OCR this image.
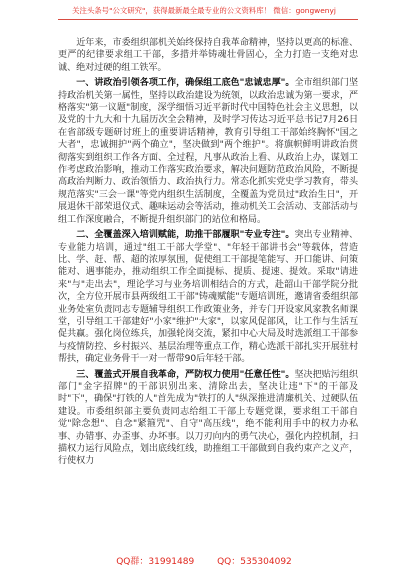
关注头条号"公文研究"，获得最新最全最专业的公文资料库！ 微信：gongwenyj

近年来，市委组织部机关始终保持自我革命精神，坚持以更高的标准、更严的纪律要求组工干部，多措并举铸魂壮骨固心，全力打造一支绝对忠诚、绝对过硬的组工铁军。

一、讲政治引领各项工作，确保组工底色"忠诚忠厚"。全市组织部门坚持政治机关第一属性，坚持以政治建设为统领，以政治忠诚为第一要求，严格落实"第一议题"制度，深学细悟习近平新时代中国特色社会主义思想，以及党的十九大和十九届历次全会精神，及时学习传达习近平总书记7月26日在省部级专题研讨班上的重要讲话精神，教育引导组工干部始终胸怀"国之大者"，忠诚拥护"两个确立"，坚决做到"两个维护"。将旗帜鲜明讲政治贯彻落实到组织工作各方面、全过程，凡事从政治上看、从政治上办，谋划工作考虑政治影响，推动工作落实政治要求，解决问题防范政治风险，不断提高政治判断力、政治领悟力、政治执行力。常态化抓实党史学习教育，带头规范落实"三会一课"等党内组织生活制度，全覆盖为党员过"政治生日"，开展退休干部荣退仪式、趣味运动会等活动，推动机关工会活动、支部活动与组工作深度融合，不断提升组织部门的站位和格局。

二、全覆盖深入培训赋能，助推干部履职"专业专注"。突出专业精神、专业能力培训，通过"组工干部大学堂"、"年轻干部讲书会"等载体，营造比、学、赶、帮、超的浓厚氛围，促使组工干部提笔能写、开口能讲、问策能对、遇事能办，推动组织工作全面提标、提质、提速、提效。采取"请进来"与"走出去"，理论学习与业务培训相结合的方式，赴韶山干部学院分批次，全方位开展市县两级组工干部"铸魂赋能"专题培训班，邀请省委组织部业务处室负责同志专题辅导组织工作政策业务，并专门开设家风家教名师课堂，引导组工干部建好"小家"维护"大家"，以家风促部风，让工作与生活互促共赢。强化岗位练兵，加强轮岗交流，紧扣中心大局及时选派组工干部参与疫情防控、乡村振兴、基层治理等重点工作，精心选派干部扎实开展驻村帮扶，确定业务骨干一对一帮带90后年轻干部。

三、覆盖式开展自我革命，严防权力使用"任意任性"。坚决把贴污组织部门"金字招牌"的干部识别出来、清除出去，坚决让违"下"的干部及时"下"，确保"打铁的人"首先成为"铁打的人"纵深推进清廉机关、过硬队伍建设。市委组织部主要负责同志给组工干部上专题党课，要求组工干部自觉"除念想"、自念"紧箍咒"、自守"高压线"，绝不能利用手中的权力办私事、办错事、办歪事、办坏事。以刀刃向内的勇气决心，强化内控机制，扫描权力运行风险点，划出底线红线，助推组工干部做到自我约束产之义产，行使权力

QQ群：31991489	QQ：535304092
